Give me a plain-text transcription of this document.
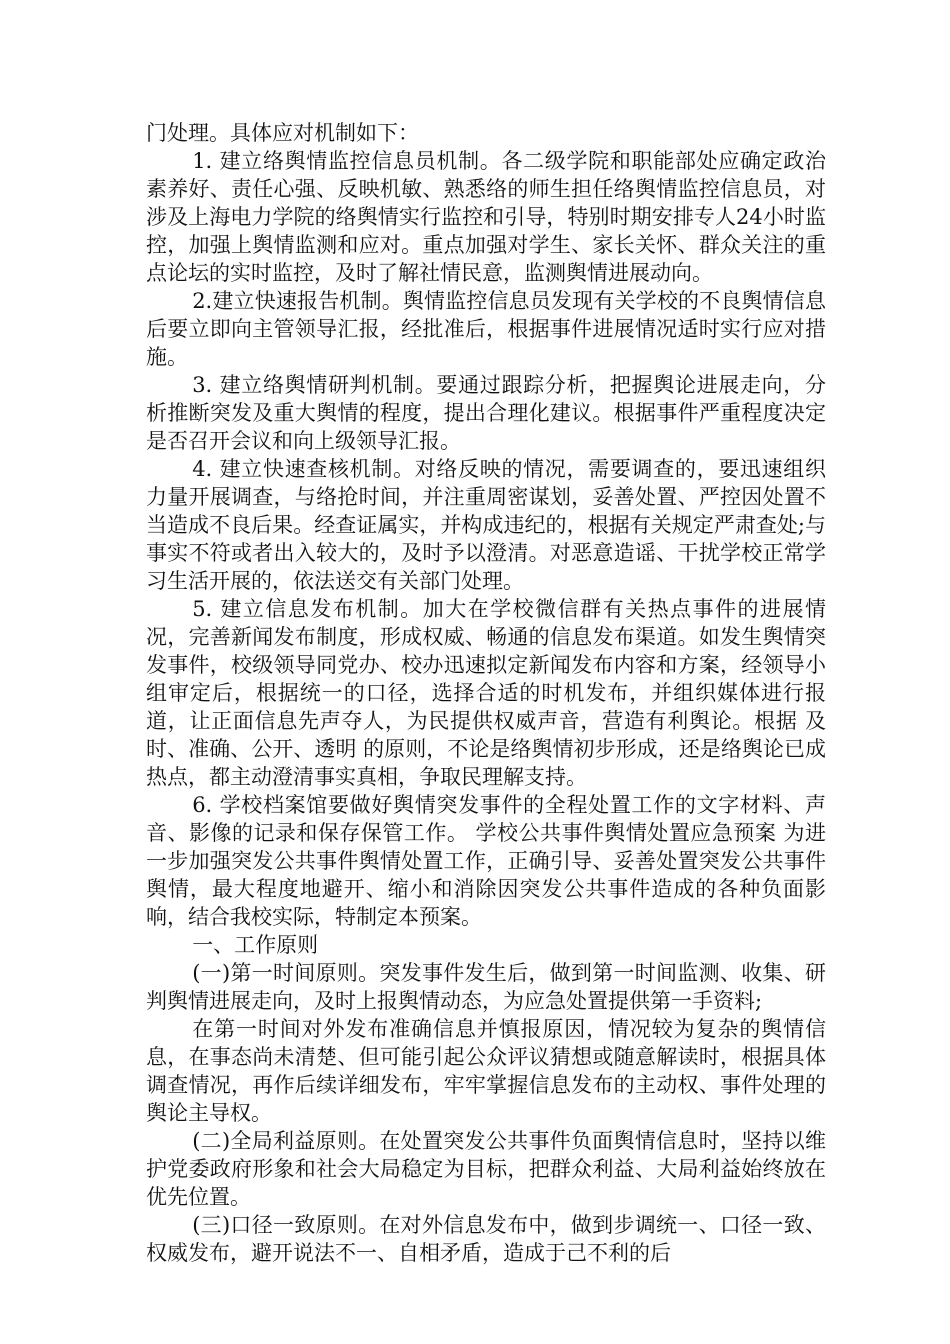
门处理。具体应对机制如下：

1. 建立络舆情监控信息员机制。各二级学院和职能部处应确定政治素养好、责任心强、反映机敏、熟悉络的师生担任络舆情监控信息员，对涉及上海电力学院的络舆情实行监控和引导，特别时期安排专人24小时监控，加强上舆情监测和应对。重点加强对学生、家长关怀、群众关注的重点论坛的实时监控，及时了解社情民意，监测舆情进展动向。

2.建立快速报告机制。舆情监控信息员发现有关学校的不良舆情信息后要立即向主管领导汇报，经批准后，根据事件进展情况适时实行应对措施。

3. 建立络舆情研判机制。要通过跟踪分析，把握舆论进展走向，分析推断突发及重大舆情的程度，提出合理化建议。根据事件严重程度决定是否召开会议和向上级领导汇报。

4. 建立快速查核机制。对络反映的情况，需要调查的，要迅速组织力量开展调查，与络抢时间，并注重周密谋划，妥善处置、严控因处置不当造成不良后果。经查证属实，并构成违纪的，根据有关规定严肃查处;与事实不符或者出入较大的，及时予以澄清。对恶意造谣、干扰学校正常学习生活开展的，依法送交有关部门处理。

5. 建立信息发布机制。加大在学校微信群有关热点事件的进展情况，完善新闻发布制度，形成权威、畅通的信息发布渠道。如发生舆情突发事件，校级领导同党办、校办迅速拟定新闻发布内容和方案，经领导小组审定后，根据统一的口径，选择合适的时机发布，并组织媒体进行报道，让正面信息先声夺人，为民提供权威声音，营造有利舆论。根据 及时、准确、公开、透明 的原则，不论是络舆情初步形成，还是络舆论已成热点，都主动澄清事实真相，争取民理解支持。

6. 学校档案馆要做好舆情突发事件的全程处置工作的文字材料、声音、影像的记录和保存保管工作。 学校公共事件舆情处置应急预案 为进一步加强突发公共事件舆情处置工作，正确引导、妥善处置突发公共事件舆情，最大程度地避开、缩小和消除因突发公共事件造成的各种负面影响，结合我校实际，特制定本预案。

一、工作原则

(一)第一时间原则。突发事件发生后，做到第一时间监测、收集、研判舆情进展走向，及时上报舆情动态，为应急处置提供第一手资料;

在第一时间对外发布准确信息并慎报原因，情况较为复杂的舆情信息，在事态尚未清楚、但可能引起公众评议猜想或随意解读时，根据具体调查情况，再作后续详细发布，牢牢掌握信息发布的主动权、事件处理的舆论主导权。

(二)全局利益原则。在处置突发公共事件负面舆情信息时，坚持以维护党委政府形象和社会大局稳定为目标，把群众利益、大局利益始终放在优先位置。

(三)口径一致原则。在对外信息发布中，做到步调统一、口径一致、权威发布，避开说法不一、自相矛盾，造成于己不利的后
